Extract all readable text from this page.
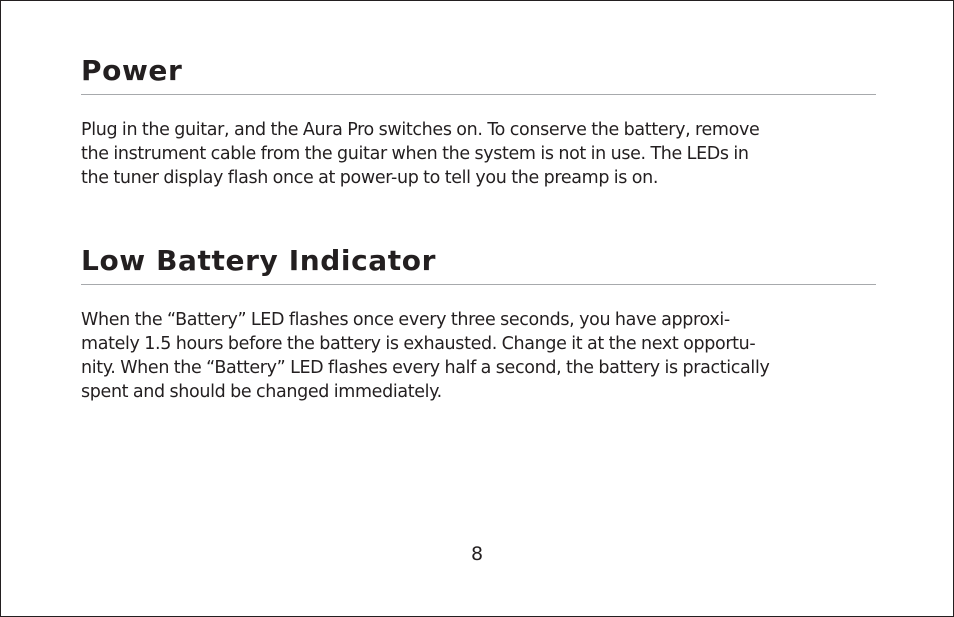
Power

Plug in the guitar, and the Aura Pro switches on. To conserve the battery, remove
the instrument cable from the guitar when the system is not in use. The LEDs in
the tuner display flash once at power-up to tell you the preamp is on.

Low Battery Indicator

When the “Battery” LED flashes once every three seconds, you have approxi-
mately 1.5 hours before the battery is exhausted. Change it at the next opportu-
nity. When the “Battery” LED flashes every half a second, the battery is practically
spent and should be changed immediately.

8
